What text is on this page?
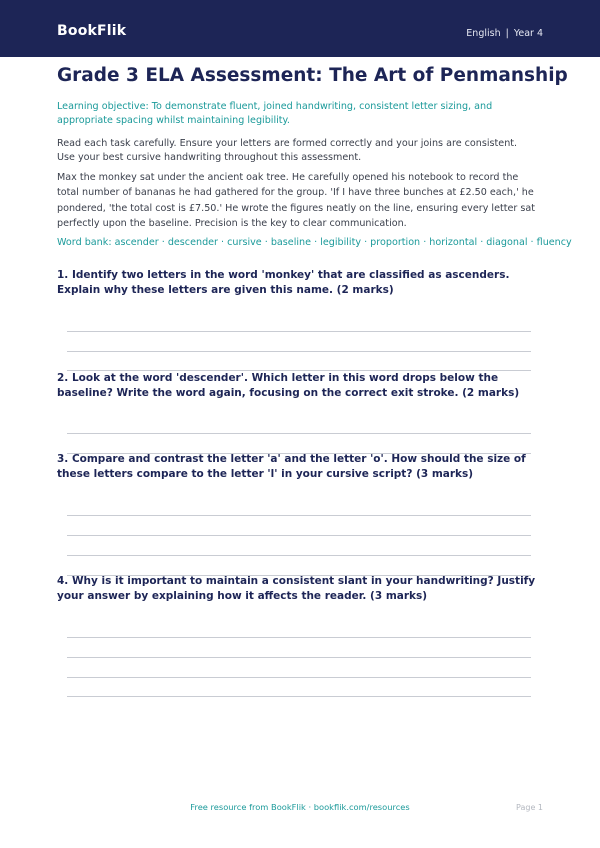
BookFlik	English | Year 4
Grade 3 ELA Assessment: The Art of Penmanship
Learning objective: To demonstrate fluent, joined handwriting, consistent letter sizing, and appropriate spacing whilst maintaining legibility.
Read each task carefully. Ensure your letters are formed correctly and your joins are consistent. Use your best cursive handwriting throughout this assessment.
Max the monkey sat under the ancient oak tree. He carefully opened his notebook to record the total number of bananas he had gathered for the group. 'If I have three bunches at £2.50 each,' he pondered, 'the total cost is £7.50.' He wrote the figures neatly on the line, ensuring every letter sat perfectly upon the baseline. Precision is the key to clear communication.
Word bank: ascender · descender · cursive · baseline · legibility · proportion · horizontal · diagonal · fluency

1. Identify two letters in the word 'monkey' that are classified as ascenders. Explain why these letters are given this name. (2 marks)

2. Look at the word 'descender'. Which letter in this word drops below the baseline? Write the word again, focusing on the correct exit stroke. (2 marks)

3. Compare and contrast the letter 'a' and the letter 'o'. How should the size of these letters compare to the letter 'l' in your cursive script? (3 marks)

4. Why is it important to maintain a consistent slant in your handwriting? Justify your answer by explaining how it affects the reader. (3 marks)

Free resource from BookFlik · bookflik.com/resources	Page 1
